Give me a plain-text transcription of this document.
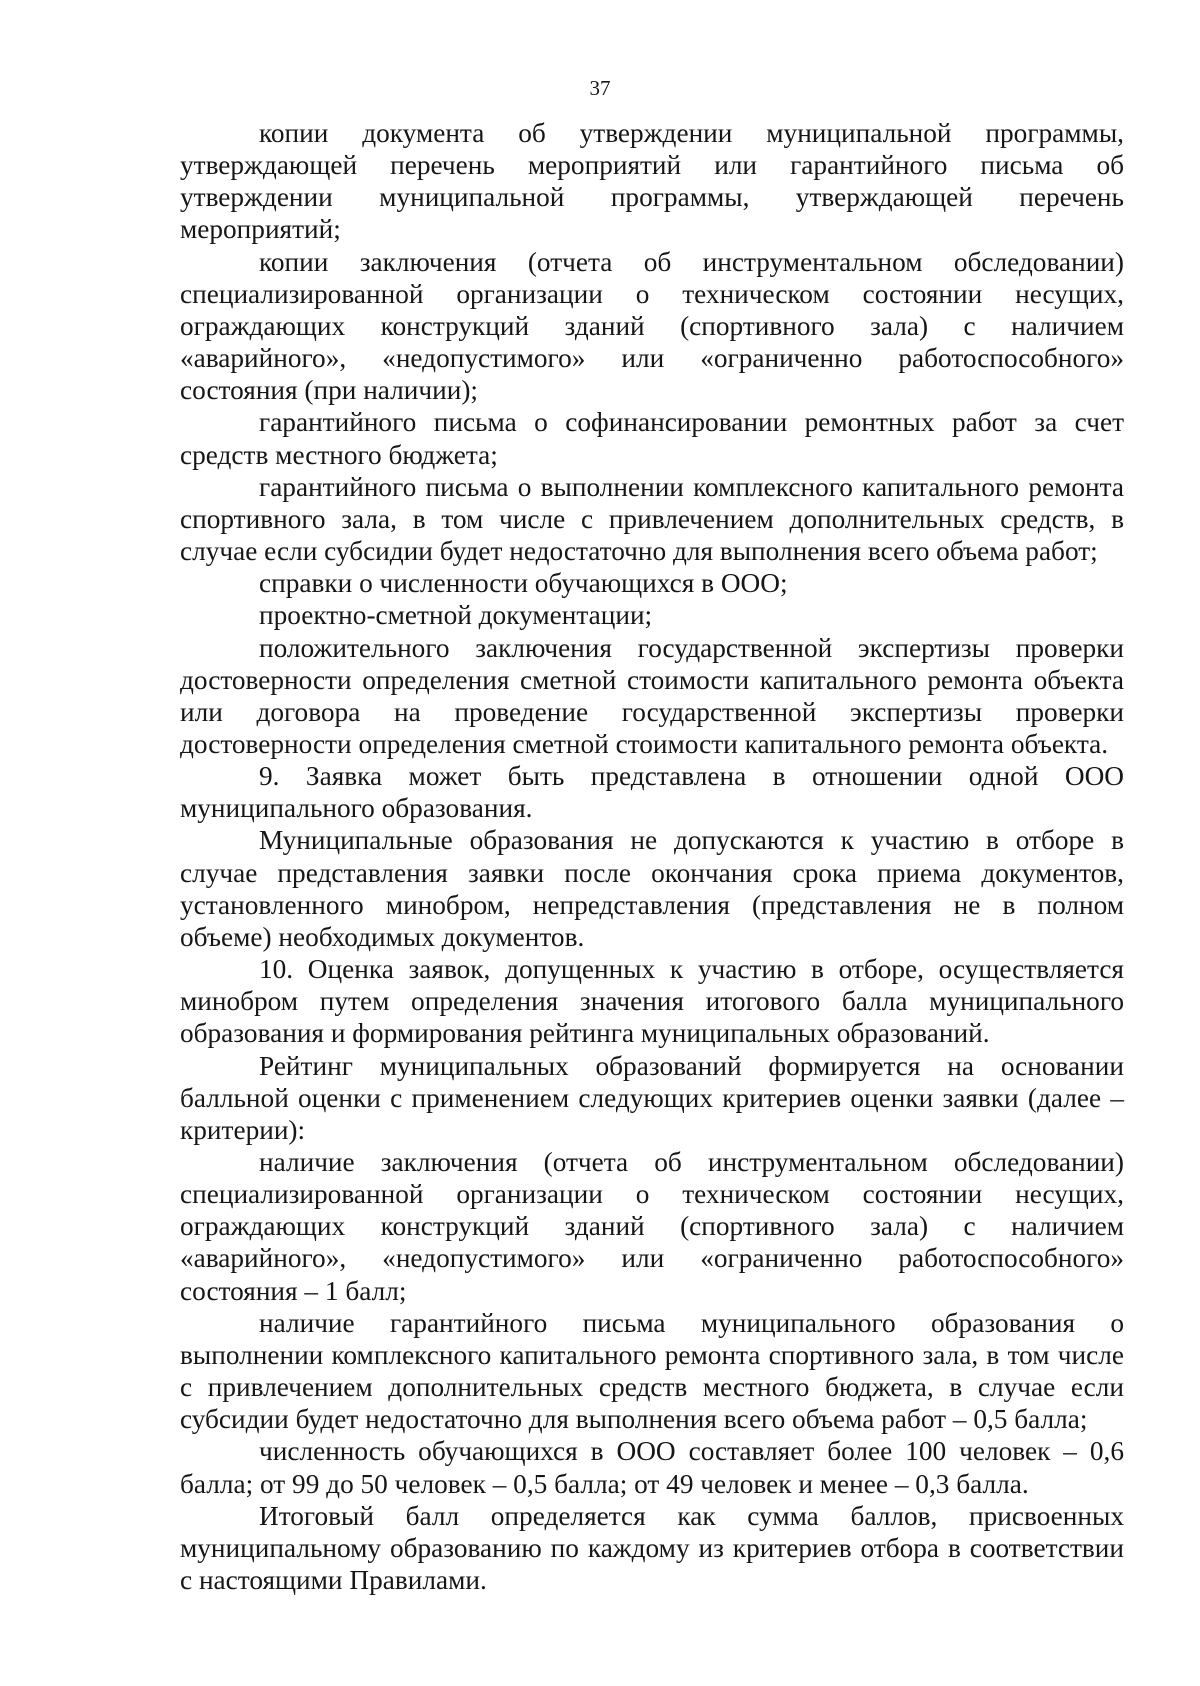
37

копии документа об утверждении муниципальной программы, утверждающей перечень мероприятий или гарантийного письма об утверждении муниципальной программы, утверждающей перечень мероприятий;

копии заключения (отчета об инструментальном обследовании) специализированной организации о техническом состоянии несущих, ограждающих конструкций зданий (спортивного зала) с наличием «аварийного», «недопустимого» или «ограниченно работоспособного» состояния (при наличии);

гарантийного письма о софинансировании ремонтных работ за счет средств местного бюджета;

гарантийного письма о выполнении комплексного капитального ремонта спортивного зала, в том числе с привлечением дополнительных средств, в случае если субсидии будет недостаточно для выполнения всего объема работ;

справки о численности обучающихся в ООО;

проектно-сметной документации;

положительного заключения государственной экспертизы проверки достоверности определения сметной стоимости капитального ремонта объекта или договора на проведение государственной экспертизы проверки достоверности определения сметной стоимости капитального ремонта объекта.

9. Заявка может быть представлена в отношении одной ООО муниципального образования.

Муниципальные образования не допускаются к участию в отборе в случае представления заявки после окончания срока приема документов, установленного минобром, непредставления (представления не в полном объеме) необходимых документов.

10. Оценка заявок, допущенных к участию в отборе, осуществляется минобром путем определения значения итогового балла муниципального образования и формирования рейтинга муниципальных образований.

Рейтинг муниципальных образований формируется на основании балльной оценки с применением следующих критериев оценки заявки (далее – критерии):

наличие заключения (отчета об инструментальном обследовании) специализированной организации о техническом состоянии несущих, ограждающих конструкций зданий (спортивного зала) с наличием «аварийного», «недопустимого» или «ограниченно работоспособного» состояния – 1 балл;

наличие гарантийного письма муниципального образования о выполнении комплексного капитального ремонта спортивного зала, в том числе с привлечением дополнительных средств местного бюджета, в случае если субсидии будет недостаточно для выполнения всего объема работ – 0,5 балла;

численность обучающихся в ООО составляет более 100 человек – 0,6 балла; от 99 до 50 человек – 0,5 балла; от 49 человек и менее – 0,3 балла.

Итоговый балл определяется как сумма баллов, присвоенных муниципальному образованию по каждому из критериев отбора в соответствии с настоящими Правилами.
